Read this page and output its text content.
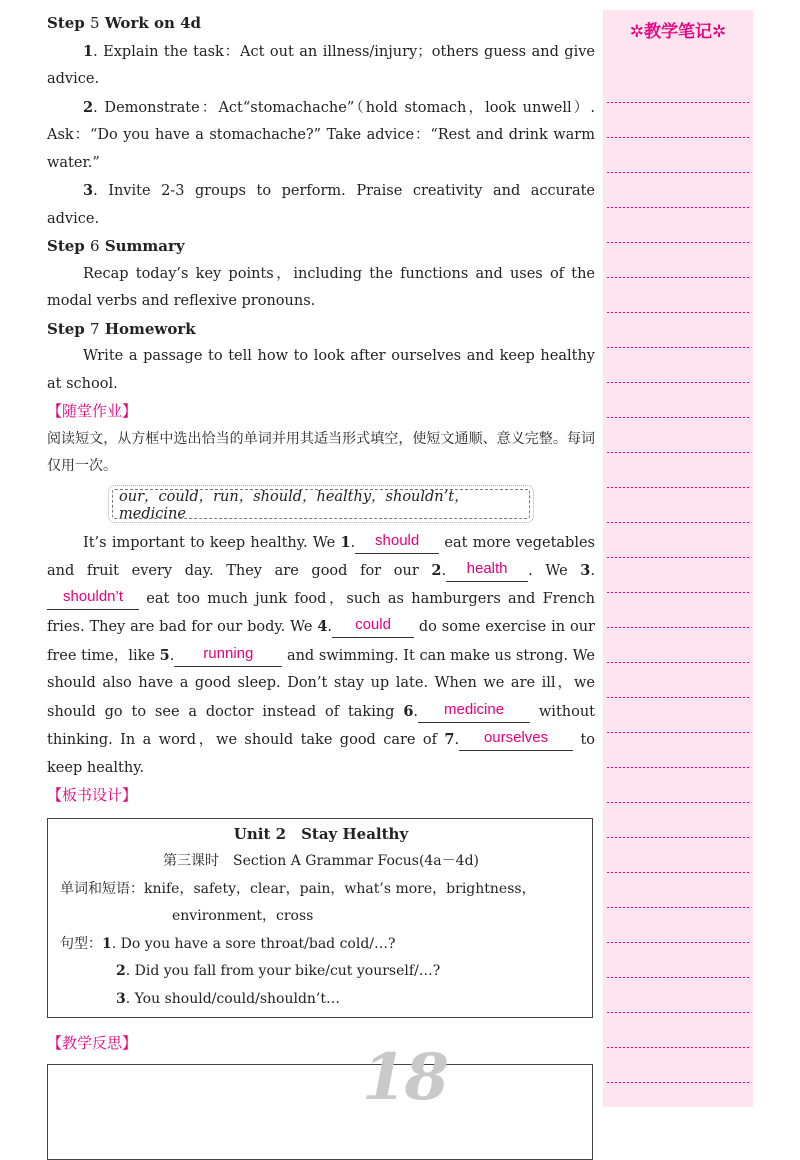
Step 5 Work on 4d

1. Explain the task：Act out an illness/injury；others guess and give advice.

2. Demonstrate：Act“stomachache”（hold stomach，look unwell）. Ask：“Do you have a stomachache?” Take advice：“Rest and drink warm water.”

3. Invite 2-3 groups to perform. Praise creativity and accurate advice.

Step 6 Summary

Recap today’s key points，including the functions and uses of the modal verbs and reflexive pronouns.

Step 7 Homework

Write a passage to tell how to look after ourselves and keep healthy at school.

【随堂作业】

阅读短文，从方框中选出恰当的单词并用其适当形式填空，使短文通顺、意义完整。每词仅用一次。

our，could，run，should，healthy，shouldn’t，medicine

It’s important to keep healthy. We 1. should eat more vegetables and fruit every day. They are good for our 2. health . We 3.shouldn’t eat too much junk food，such as hamburgers and French fries. They are bad for our body. We 4. could do some exercise in our free time，like 5. running and swimming. It can make us strong. We should also have a good sleep. Don’t stay up late. When we are ill，we should go to see a doctor instead of taking 6. medicine without thinking. In a word，we should take good care of 7. ourselves to keep healthy.

【板书设计】

Unit 2　Stay Healthy

第三课时　Section A Grammar Focus(4a－4d)

单词和短语：knife，safety，clear，pain，what’s more，brightness，

environment，cross

句型：1. Do you have a sore throat/bad cold/…?

2. Did you fall from your bike/cut yourself/…?

3. You should/could/shouldn’t…

【教学反思】	18
✲教学笔记✲
